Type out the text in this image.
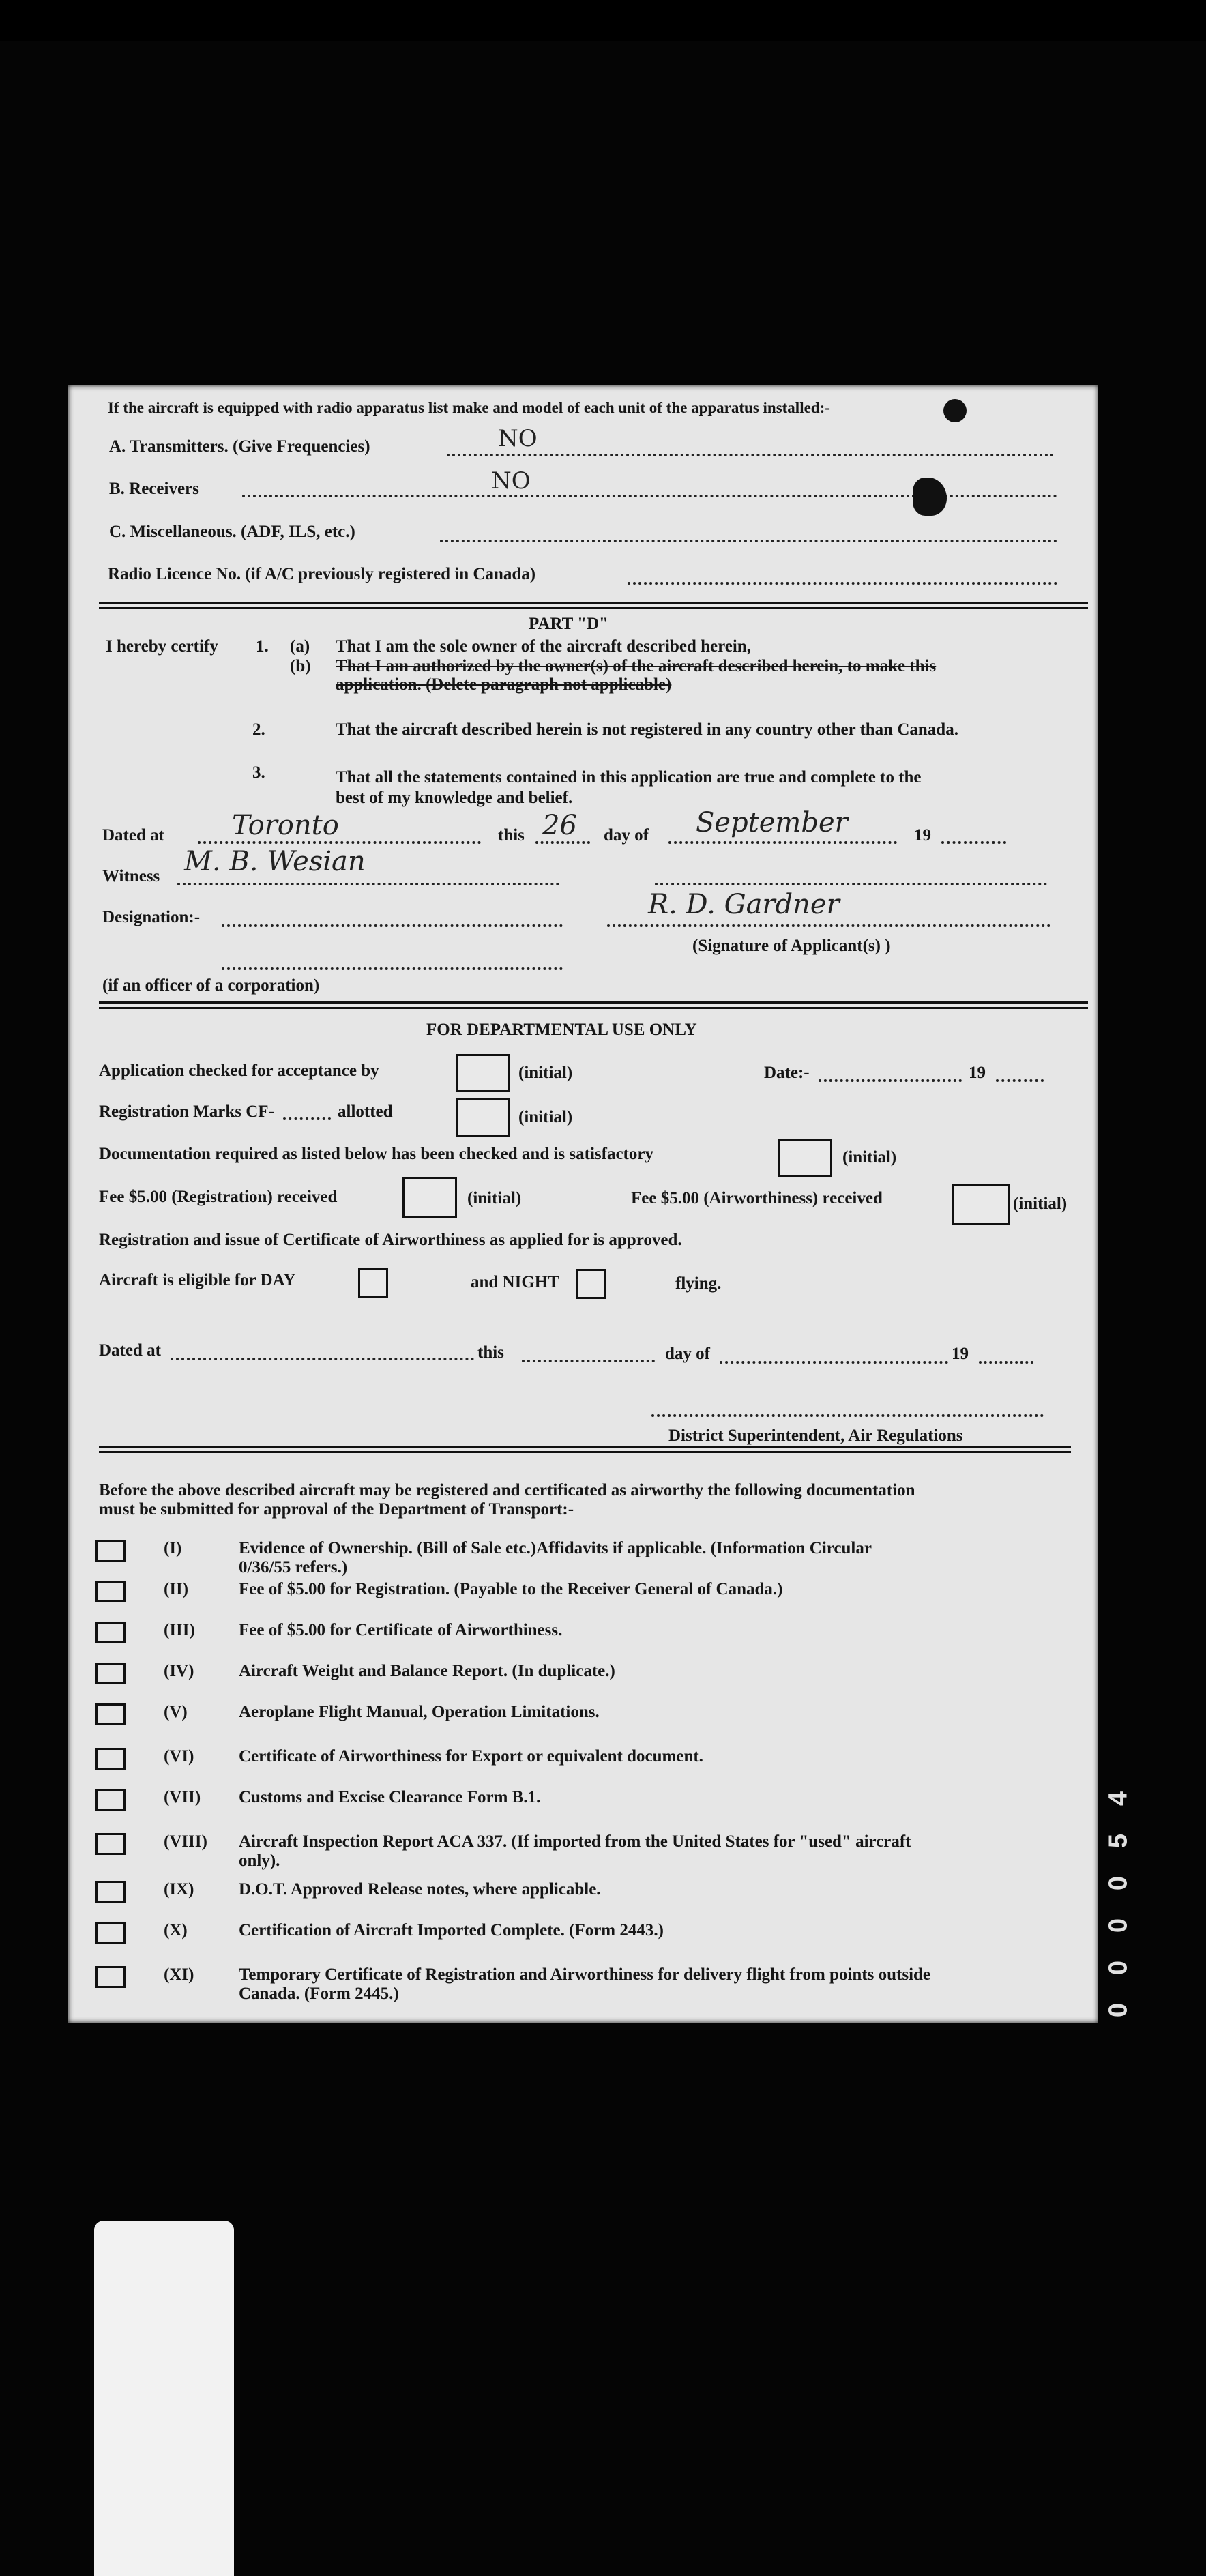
If the aircraft is equipped with radio apparatus list make and model of each unit of the apparatus installed:-
A. Transmitters. (Give Frequencies)	NO
B. Receivers	NO
C. Miscellaneous. (ADF, ILS, etc.)
Radio Licence No. (if A/C previously registered in Canada)
PART "D"
I hereby certify 1. (a) That I am the sole owner of the aircraft described herein,
(b) That I am authorized by the owner(s) of the aircraft described herein, to make this
application. (Delete paragraph not applicable)
2.	That the aircraft described herein is not registered in any country other than Canada.
3.	That all the statements contained in this application are true and complete to the
best of my knowledge and belief.
Dated at Toronto	this 26 day of September	19
Witness M. B. Wesian
Designation:-	R. D. Gardner
(Signature of Applicant(s) )
(if an officer of a corporation)
FOR DEPARTMENTAL USE ONLY
Application checked for acceptance by	(initial)	Date:-	19
Registration Marks CF-	allotted	(initial)
Documentation required as listed below has been checked and is satisfactory	(initial)
Fee $5.00 (Registration) received	(initial)	Fee $5.00 (Airworthiness) received	(initial)
Registration and issue of Certificate of Airworthiness as applied for is approved.
Aircraft is eligible for DAY	and NIGHT	flying.
Dated at	this	day of	19
District Superintendent, Air Regulations
Before the above described aircraft may be registered and certificated as airworthy the following documentation
must be submitted for approval of the Department of Transport:-
(I)	Evidence of Ownership. (Bill of Sale etc.)Affidavits if applicable. (Information Circular
0/36/55 refers.)
(II)	Fee of $5.00 for Registration. (Payable to the Receiver General of Canada.)
(III)	Fee of $5.00 for Certificate of Airworthiness.
(IV)	Aircraft Weight and Balance Report. (In duplicate.)
(V)	Aeroplane Flight Manual, Operation Limitations.
(VI)	Certificate of Airworthiness for Export or equivalent document.
(VII) Customs and Excise Clearance Form B.1.
(VIII) Aircraft Inspection Report ACA 337. (If imported from the United States for "used" aircraft
only).
(IX)	D.O.T. Approved Release notes, where applicable.
(X)	Certification of Aircraft Imported Complete. (Form 2443.)
(XI)	Temporary Certificate of Registration and Airworthiness for delivery flight from points outside
Canada. (Form 2445.)
0
0
0
0
5
4
